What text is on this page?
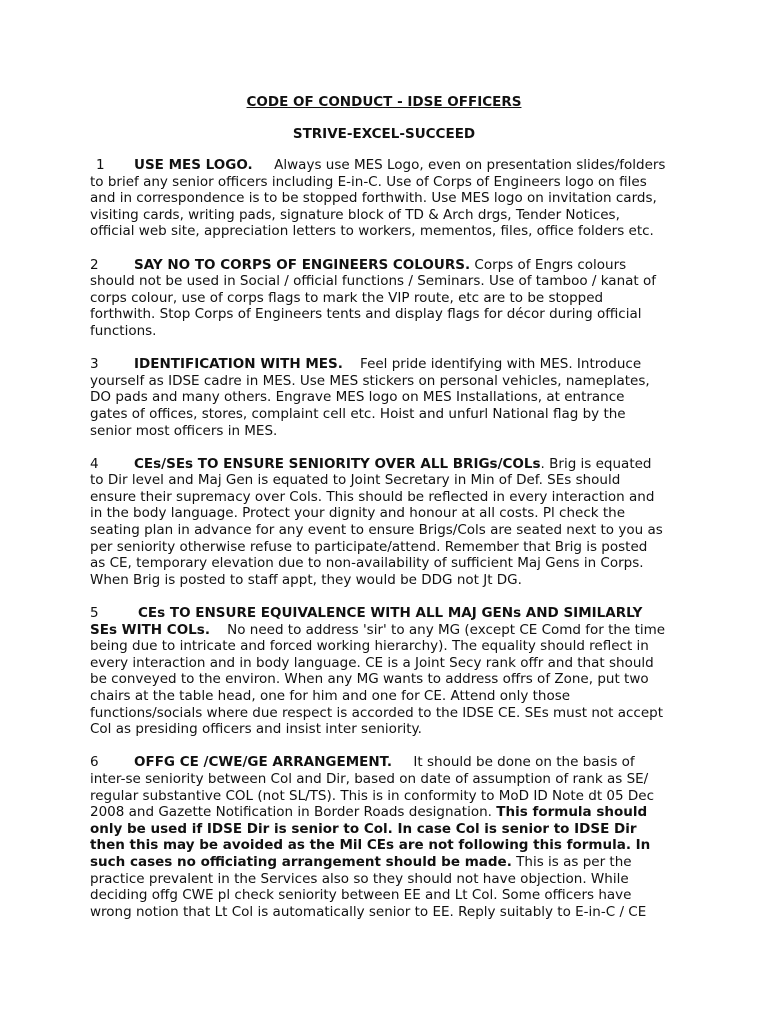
CODE OF CONDUCT - IDSE OFFICERS
STRIVE-EXCEL-SUCCEED
1 USE MES LOGO. Always use MES Logo, even on presentation slides/folders
to brief any senior officers including E-in-C. Use of Corps of Engineers logo on files
and in correspondence is to be stopped forthwith. Use MES logo on invitation cards,
visiting cards, writing pads, signature block of TD & Arch drgs, Tender Notices,
official web site, appreciation letters to workers, mementos, files, office folders etc.
2	SAY NO TO CORPS OF ENGINEERS COLOURS. Corps of Engrs colours
should not be used in Social / official functions / Seminars. Use of tamboo / kanat of
corps colour, use of corps flags to mark the VIP route, etc are to be stopped
forthwith. Stop Corps of Engineers tents and display flags for décor during official
functions.
3	IDENTIFICATION WITH MES. Feel pride identifying with MES. Introduce
yourself as IDSE cadre in MES. Use MES stickers on personal vehicles, nameplates,
DO pads and many others. Engrave MES logo on MES Installations, at entrance
gates of offices, stores, complaint cell etc. Hoist and unfurl National flag by the
senior most officers in MES.
4	CEs/SEs TO ENSURE SENIORITY OVER ALL BRIGs/COLs. Brig is equated
to Dir level and Maj Gen is equated to Joint Secretary in Min of Def. SEs should
ensure their supremacy over Cols. This should be reflected in every interaction and
in the body language. Protect your dignity and honour at all costs. Pl check the
seating plan in advance for any event to ensure Brigs/Cols are seated next to you as
per seniority otherwise refuse to participate/attend. Remember that Brig is posted
as CE, temporary elevation due to non-availability of sufficient Maj Gens in Corps.
When Brig is posted to staff appt, they would be DDG not Jt DG.
5	CEs TO ENSURE EQUIVALENCE WITH ALL MAJ GENs AND SIMILARLY
SEs WITH COLs. No need to address 'sir' to any MG (except CE Comd for the time
being due to intricate and forced working hierarchy). The equality should reflect in
every interaction and in body language. CE is a Joint Secy rank offr and that should
be conveyed to the environ. When any MG wants to address offrs of Zone, put two
chairs at the table head, one for him and one for CE. Attend only those
functions/socials where due respect is accorded to the IDSE CE. SEs must not accept
Col as presiding officers and insist inter seniority.
6	OFFG CE /CWE/GE ARRANGEMENT. It should be done on the basis of
inter-se seniority between Col and Dir, based on date of assumption of rank as SE/
regular substantive COL (not SL/TS). This is in conformity to MoD ID Note dt 05 Dec
2008 and Gazette Notification in Border Roads designation. This formula should
only be used if IDSE Dir is senior to Col. In case Col is senior to IDSE Dir
then this may be avoided as the Mil CEs are not following this formula. In
such cases no officiating arrangement should be made. This is as per the
practice prevalent in the Services also so they should not have objection. While
deciding offg CWE pl check seniority between EE and Lt Col. Some officers have
wrong notion that Lt Col is automatically senior to EE. Reply suitably to E-in-C / CE
